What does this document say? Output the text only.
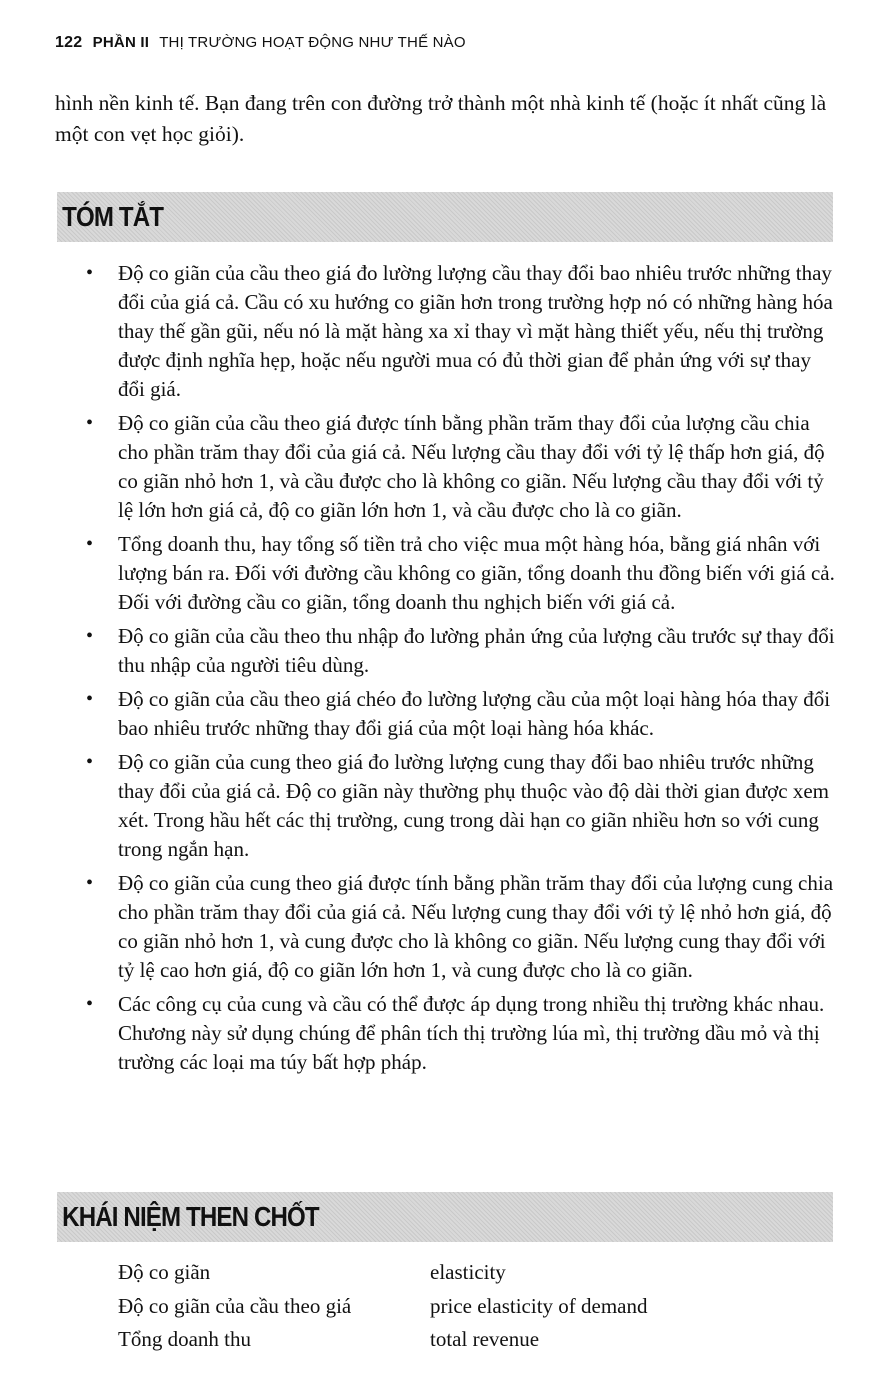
122 PHẦN II THỊ TRƯỜNG HOẠT ĐỘNG NHƯ THẾ NÀO

hình nền kinh tế. Bạn đang trên con đường trở thành một nhà kinh tế (hoặc ít nhất cũng là một con vẹt học giỏi).

TÓM TẮT
• Độ co giãn của cầu theo giá đo lường lượng cầu thay đổi bao nhiêu trước những thay đổi của giá cả. Cầu có xu hướng co giãn hơn trong trường hợp nó có những hàng hóa thay thế gần gũi, nếu nó là mặt hàng xa xỉ thay vì mặt hàng thiết yếu, nếu thị trường được định nghĩa hẹp, hoặc nếu người mua có đủ thời gian để phản ứng với sự thay đổi giá.
• Độ co giãn của cầu theo giá được tính bằng phần trăm thay đổi của lượng cầu chia cho phần trăm thay đổi của giá cả. Nếu lượng cầu thay đổi với tỷ lệ thấp hơn giá, độ co giãn nhỏ hơn 1, và cầu được cho là không co giãn. Nếu lượng cầu thay đổi với tỷ lệ lớn hơn giá cả, độ co giãn lớn hơn 1, và cầu được cho là co giãn.
• Tổng doanh thu, hay tổng số tiền trả cho việc mua một hàng hóa, bằng giá nhân với lượng bán ra. Đối với đường cầu không co giãn, tổng doanh thu đồng biến với giá cả. Đối với đường cầu co giãn, tổng doanh thu nghịch biến với giá cả.
• Độ co giãn của cầu theo thu nhập đo lường phản ứng của lượng cầu trước sự thay đổi thu nhập của người tiêu dùng.
• Độ co giãn của cầu theo giá chéo đo lường lượng cầu của một loại hàng hóa thay đổi bao nhiêu trước những thay đổi giá của một loại hàng hóa khác.
• Độ co giãn của cung theo giá đo lường lượng cung thay đổi bao nhiêu trước những thay đổi của giá cả. Độ co giãn này thường phụ thuộc vào độ dài thời gian được xem xét. Trong hầu hết các thị trường, cung trong dài hạn co giãn nhiều hơn so với cung trong ngắn hạn.
• Độ co giãn của cung theo giá được tính bằng phần trăm thay đổi của lượng cung chia cho phần trăm thay đổi của giá cả. Nếu lượng cung thay đổi với tỷ lệ nhỏ hơn giá, độ co giãn nhỏ hơn 1, và cung được cho là không co giãn. Nếu lượng cung thay đổi với tỷ lệ cao hơn giá, độ co giãn lớn hơn 1, và cung được cho là co giãn.
• Các công cụ của cung và cầu có thể được áp dụng trong nhiều thị trường khác nhau. Chương này sử dụng chúng để phân tích thị trường lúa mì, thị trường dầu mỏ và thị trường các loại ma túy bất hợp pháp.
KHÁI NIỆM THEN CHỐT
Độ co giãn	elasticity
Độ co giãn của cầu theo giá	price elasticity of demand
Tổng doanh thu	total revenue
